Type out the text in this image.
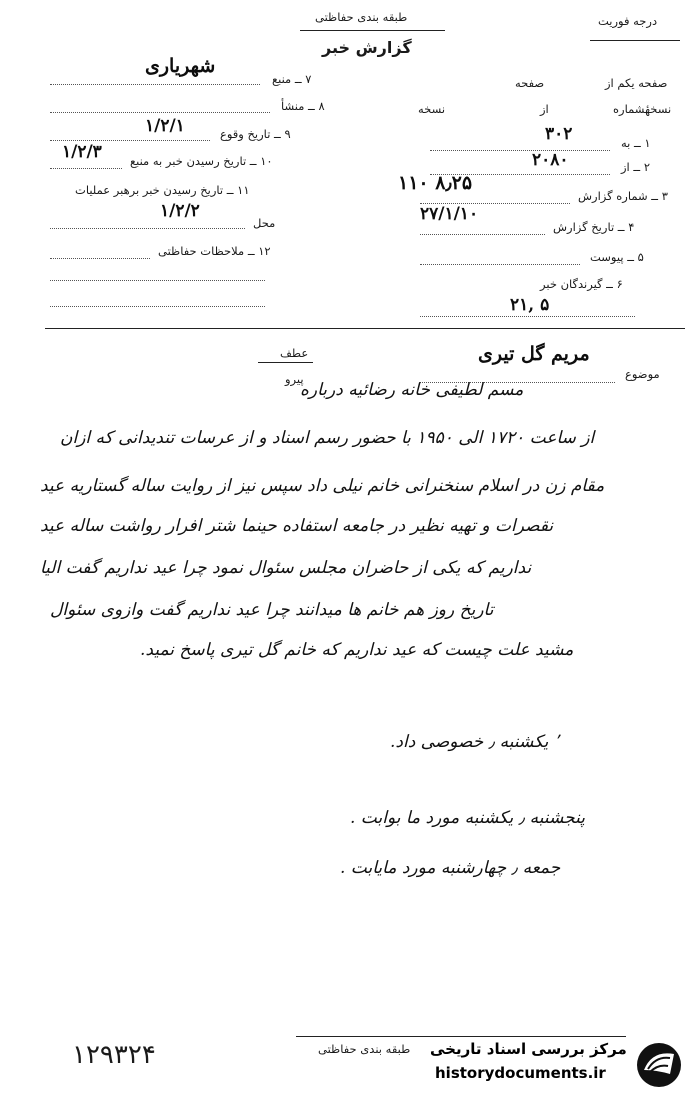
طبقه بندی حفاظتی
گزارش خبر
درجه فوریت
صفحه یکم از
صفحه
نسخهٔشماره
از
نسخه
۱ ــ به
۳۰۲
۲ ــ از
۲۰۸۰
۳ ــ شماره گزارش
۸٫۲۵ ۱۱۰
۴ ــ تاریخ گزارش
۲۷/۱/۱۰
۵ ــ پیوست
۶ ــ گیرندگان خبر
۵ ,۲۱
۷ ــ منبع
شهریاری
۸ ــ منشأ
۹ ــ تاریخ وقوع
۱/۲/۱
۱۰ ــ تاریخ رسیدن خبر به منبع
۱/۲/۳
۱۱ ــ تاریخ رسیدن خبر برهبر عملیات
محل
۱/۲/۲
۱۲ ــ ملاحظات حفاظتی
عطف
پیرو	موضوع
مریم گل تیری
مسم لطیفی خانه رضائیه درباره
از ساعت ۱۷۲۰ الی ۱۹۵۰ با حضور رسم اسناد و از عرسات تندیدانی که ازان
مقام زن در اسلام سنخنرانی خانم نیلی داد سپس نیز از روایت ساله گستاریه عید
نقصرات و تهیه نظیر در جامعه استفاده حینما شتر افرار رواشت ساله عید
نداریم که یکی از حاضران مجلس سئوال نمود چرا عید نداریم گفت الیا
تاریخ روز هم خانم ها میدانند چرا عید نداریم گفت وازوی سئوال
مشید علت چیست که عید نداریم که خانم گل تیری پاسخ نمید.
٬ یکشنبه ٫ خصوصی داد.
پنجشنبه ٫ یکشنبه مورد ما بوابت .
جمعه ٫ چهارشنبه مورد مایابت .
۱۲۹۳۲۴	طبقه بندی حفاظتی مرکز بررسی اسناد تاریخی
historydocuments.ir
